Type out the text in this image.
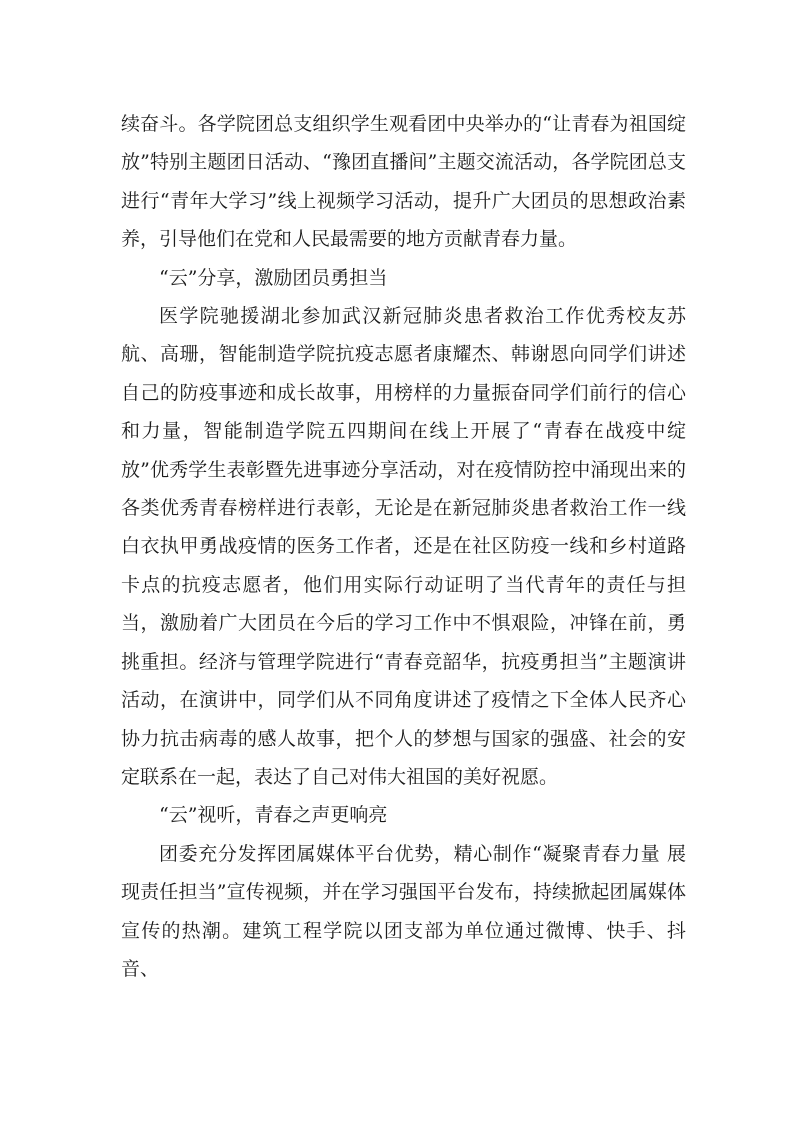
续奋斗。各学院团总支组织学生观看团中央举办的“让青春为祖国绽放”特别主题团日活动、“豫团直播间”主题交流活动，各学院团总支进行“青年大学习”线上视频学习活动，提升广大团员的思想政治素养，引导他们在党和人民最需要的地方贡献青春力量。

“云”分享，激励团员勇担当

医学院驰援湖北参加武汉新冠肺炎患者救治工作优秀校友苏航、高珊，智能制造学院抗疫志愿者康耀杰、韩谢恩向同学们讲述自己的防疫事迹和成长故事，用榜样的力量振奋同学们前行的信心和力量，智能制造学院五四期间在线上开展了“青春在战疫中绽放”优秀学生表彰暨先进事迹分享活动，对在疫情防控中涌现出来的各类优秀青春榜样进行表彰，无论是在新冠肺炎患者救治工作一线白衣执甲勇战疫情的医务工作者，还是在社区防疫一线和乡村道路卡点的抗疫志愿者，他们用实际行动证明了当代青年的责任与担当，激励着广大团员在今后的学习工作中不惧艰险，冲锋在前，勇挑重担。经济与管理学院进行“青春竞韶华，抗疫勇担当”主题演讲活动，在演讲中，同学们从不同角度讲述了疫情之下全体人民齐心协力抗击病毒的感人故事，把个人的梦想与国家的强盛、社会的安定联系在一起，表达了自己对伟大祖国的美好祝愿。

“云”视听，青春之声更响亮

团委充分发挥团属媒体平台优势，精心制作“凝聚青春力量 展现责任担当”宣传视频，并在学习强国平台发布，持续掀起团属媒体宣传的热潮。建筑工程学院以团支部为单位通过微博、快手、抖音、
